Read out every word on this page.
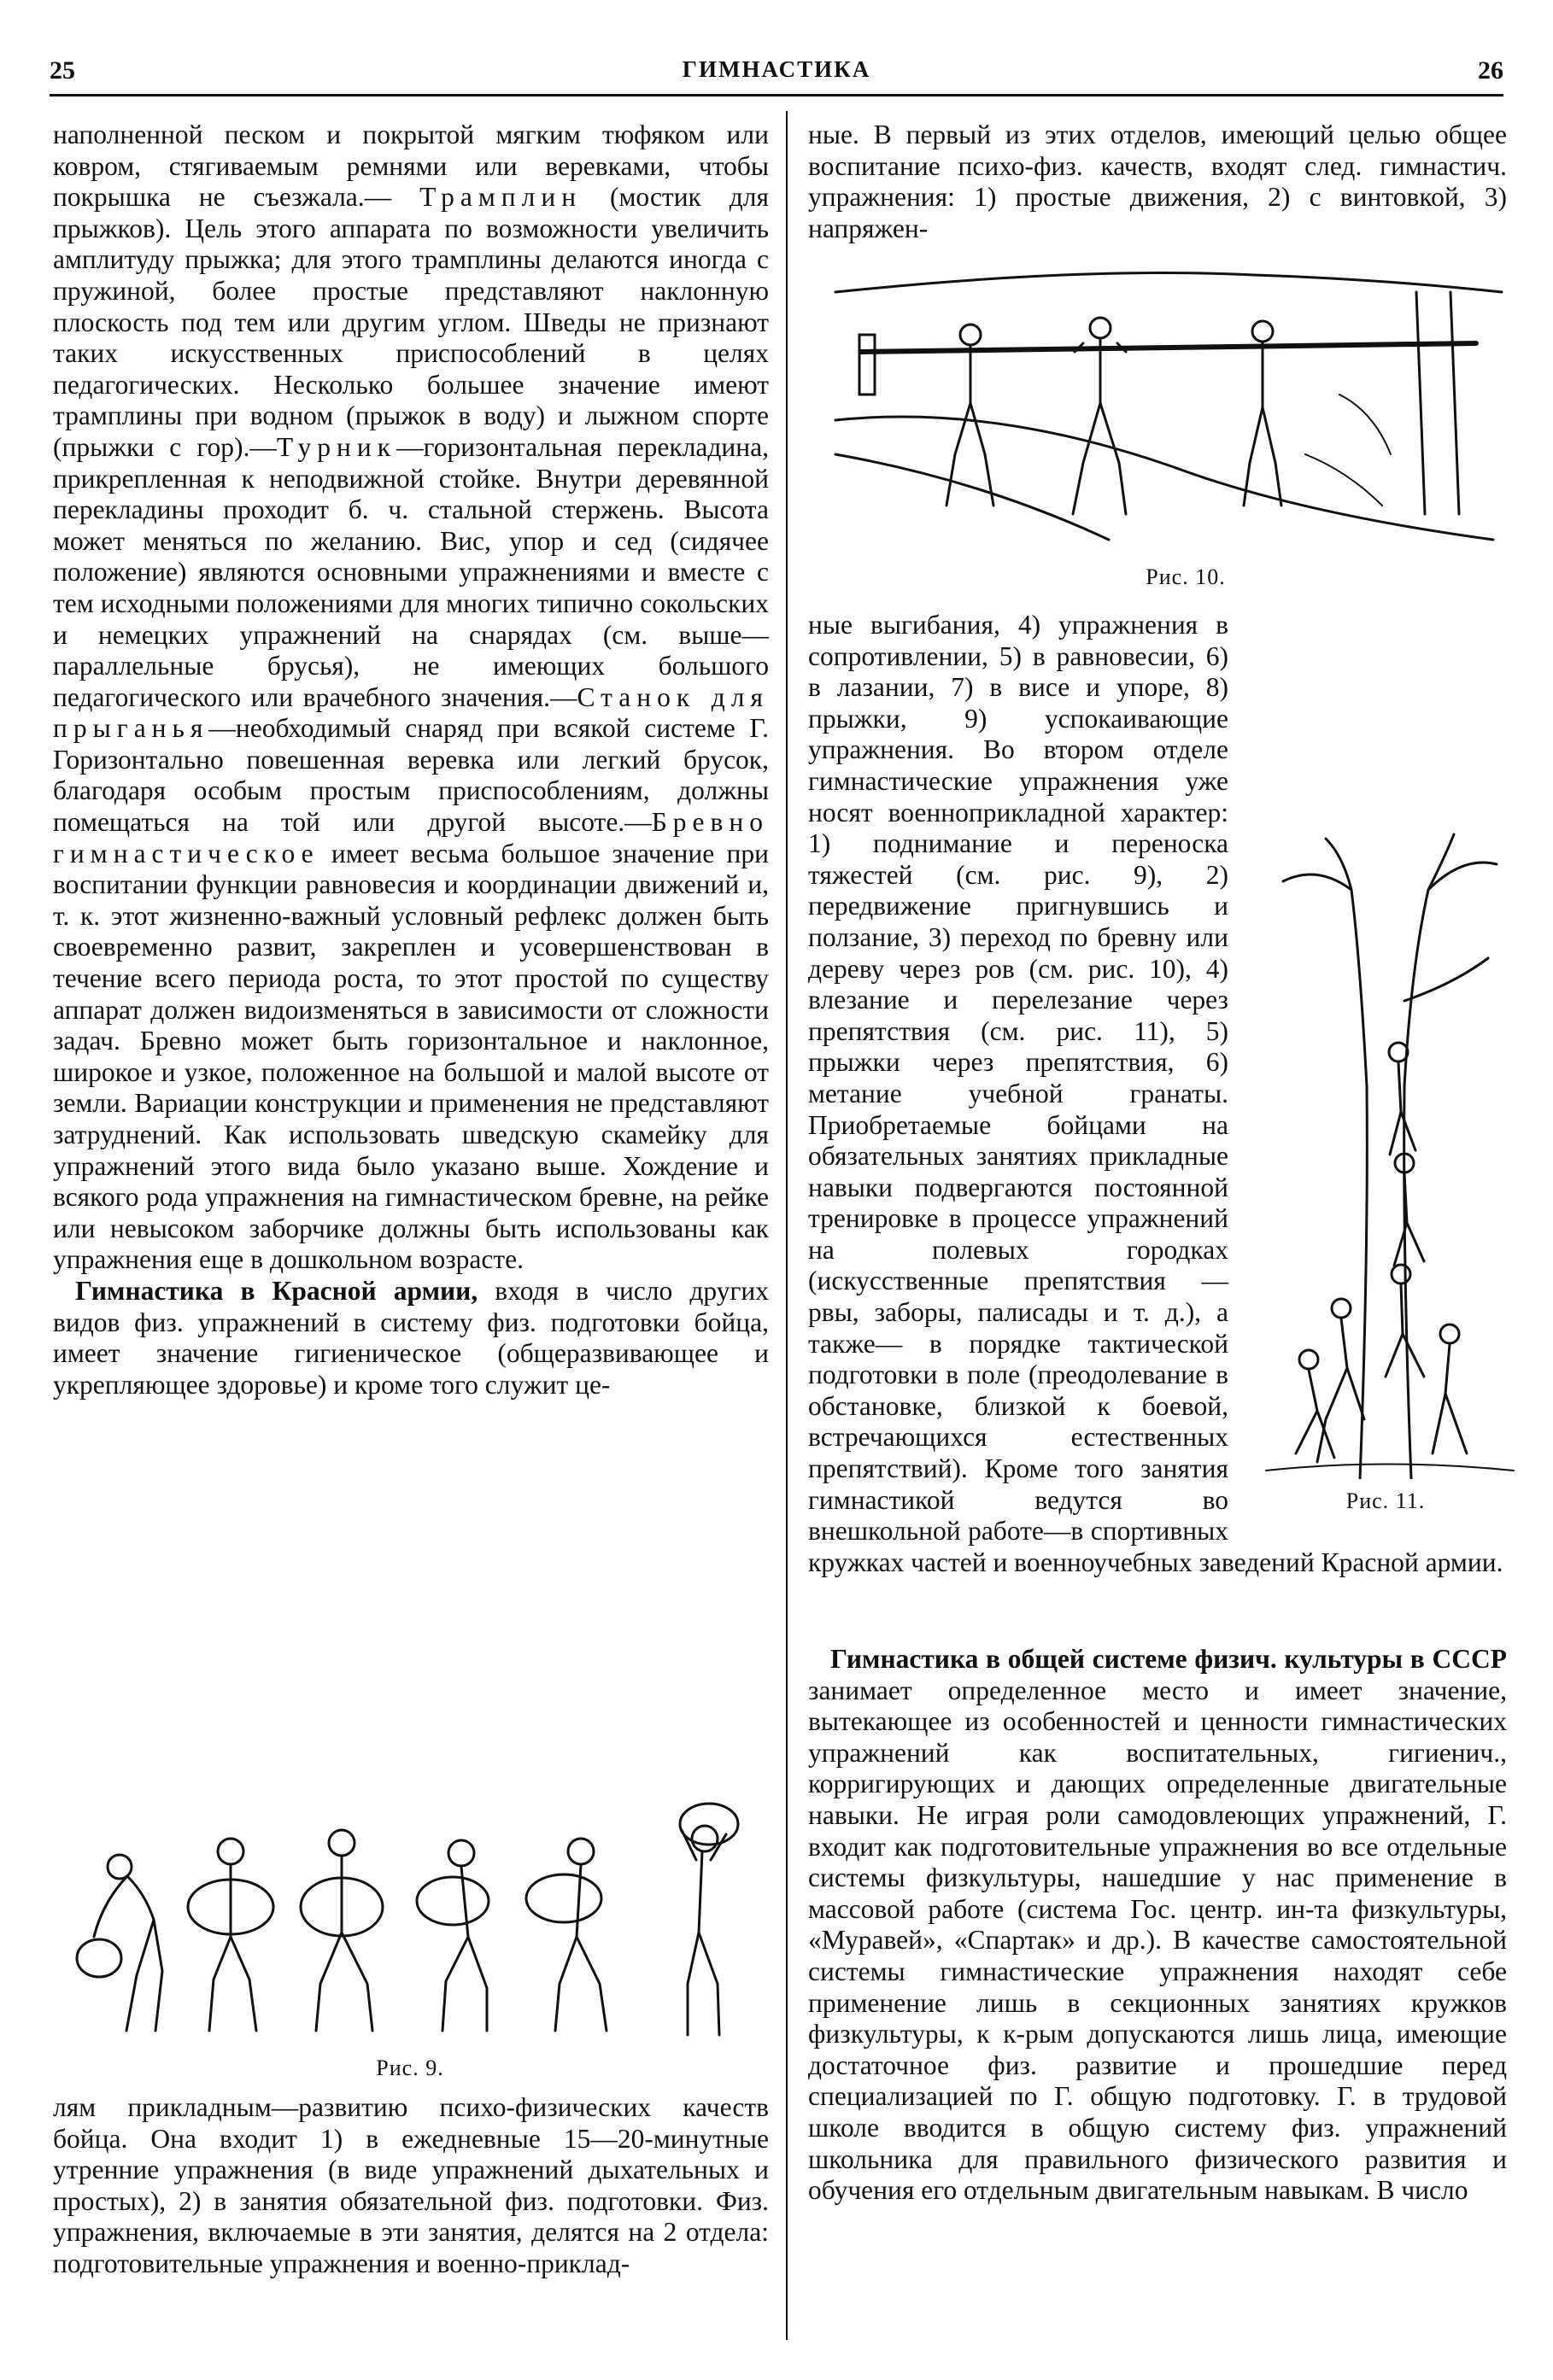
25	ГИМНАСТИКА	26

наполненной песком и покрытой мягким тюфяком или ковром, стягиваемым ремнями или веревками, чтобы покрышка не съезжала.— Трамплин (мостик для прыжков). Цель этого аппарата по возможности увеличить амплитуду прыжка; для этого трамплины делаются иногда с пружиной, более простые представляют наклонную плоскость под тем или другим углом. Шведы не признают таких искусственных приспособлений в целях педагогических. Несколько большее значение имеют трамплины при водном (прыжок в воду) и лыжном спорте (прыжки с гор).—Турник—горизонтальная перекладина, прикрепленная к неподвижной стойке. Внутри деревянной перекладины проходит б. ч. стальной стержень. Высота может меняться по желанию. Вис, упор и сед (сидячее положение) являются основными упражнениями и вместе с тем исходными положениями для многих типично сокольских и немецких упражнений на снарядах (см. выше—параллельные брусья), не имеющих большого педагогического или врачебного значения.—Станок для прыганья—необходимый снаряд при всякой системе Г. Горизонтально повешенная веревка или легкий брусок, благодаря особым простым приспособлениям, должны помещаться на той или другой высоте.—Бревно гимнастическое имеет весьма большое значение при воспитании функции равновесия и координации движений и, т. к. этот жизненно-важный условный рефлекс должен быть своевременно развит, закреплен и усовершенствован в течение всего периода роста, то этот простой по существу аппарат должен видоизменяться в зависимости от сложности задач. Бревно может быть горизонтальное и наклонное, широкое и узкое, положенное на большой и малой высоте от земли. Вариации конструкции и применения не представляют затруднений. Как использовать шведскую скамейку для упражнений этого вида было указано выше. Хождение и всякого рода упражнения на гимнастическом бревне, на рейке или невысоком заборчике должны быть использованы как упражнения еще в дошкольном возрасте.

Гимнастика в Красной армии, входя в число других видов физ. упражнений в систему физ. подготовки бойца, имеет значение гигиеническое (общеразвивающее и укрепляющее здоровье) и кроме того служит це-

Рис. 9.

лям прикладным—развитию психо-физических качеств бойца. Она входит 1) в ежедневные 15—20-минутные утренние упражнения (в виде упражнений дыхательных и простых), 2) в занятия обязательной физ. подготовки. Физ. упражнения, включаемые в эти занятия, делятся на 2 отдела: подготовительные упражнения и военно-приклад-

ные. В первый из этих отделов, имеющий целью общее воспитание психо-физ. качеств, входят след. гимнастич. упражнения: 1) простые движения, 2) с винтовкой, 3) напряжен-

Рис. 10.

ные выгибания, 4) упражнения в сопротивлении, 5) в равновесии, 6) в лазании, 7) в висе и упоре, 8) прыжки, 9) успокаивающие упражнения. Во втором отделе гимнастические упражнения уже носят военноприкладной характер: 1) поднимание и переноска тяжестей (см. рис. 9), 2) передвижение пригнувшись и ползание, 3) переход по бревну или дереву через ров (см. рис. 10), 4) влезание и перелезание через препятствия (см. рис. 11), 5) прыжки через препятствия, 6) метание учебной гранаты. Приобретаемые бойцами на обязательных занятиях прикладные навыки подвергаются постоянной тренировке в процессе упражнений на полевых городках (искусственные препятствия — рвы, заборы, палисады и т. д.), а также— в порядке тактической подготовки в поле (преодолевание в обстановке, близкой к боевой, встречающихся естественных препятствий). Кроме того занятия гимнастикой ведутся во внешкольной работе—в спортивных кружках частей и военноучебных заведений Красной армии.

Рис. 11.

Гимнастика в общей системе физич. культуры в СССР занимает определенное место и имеет значение, вытекающее из особенностей и ценности гимнастических упражнений как воспитательных, гигиенич., корригирующих и дающих определенные двигательные навыки. Не играя роли самодовлеющих упражнений, Г. входит как подготовительные упражнения во все отдельные системы физкультуры, нашедшие у нас применение в массовой работе (система Гос. центр. ин-та физкультуры, «Муравей», «Спартак» и др.). В качестве самостоятельной системы гимнастические упражнения находят себе применение лишь в секционных занятиях кружков физкультуры, к к-рым допускаются лишь лица, имеющие достаточное физ. развитие и прошедшие перед специализацией по Г. общую подготовку. Г. в трудовой школе вводится в общую систему физ. упражнений школьника для правильного физического развития и обучения его отдельным двигательным навыкам. В число
